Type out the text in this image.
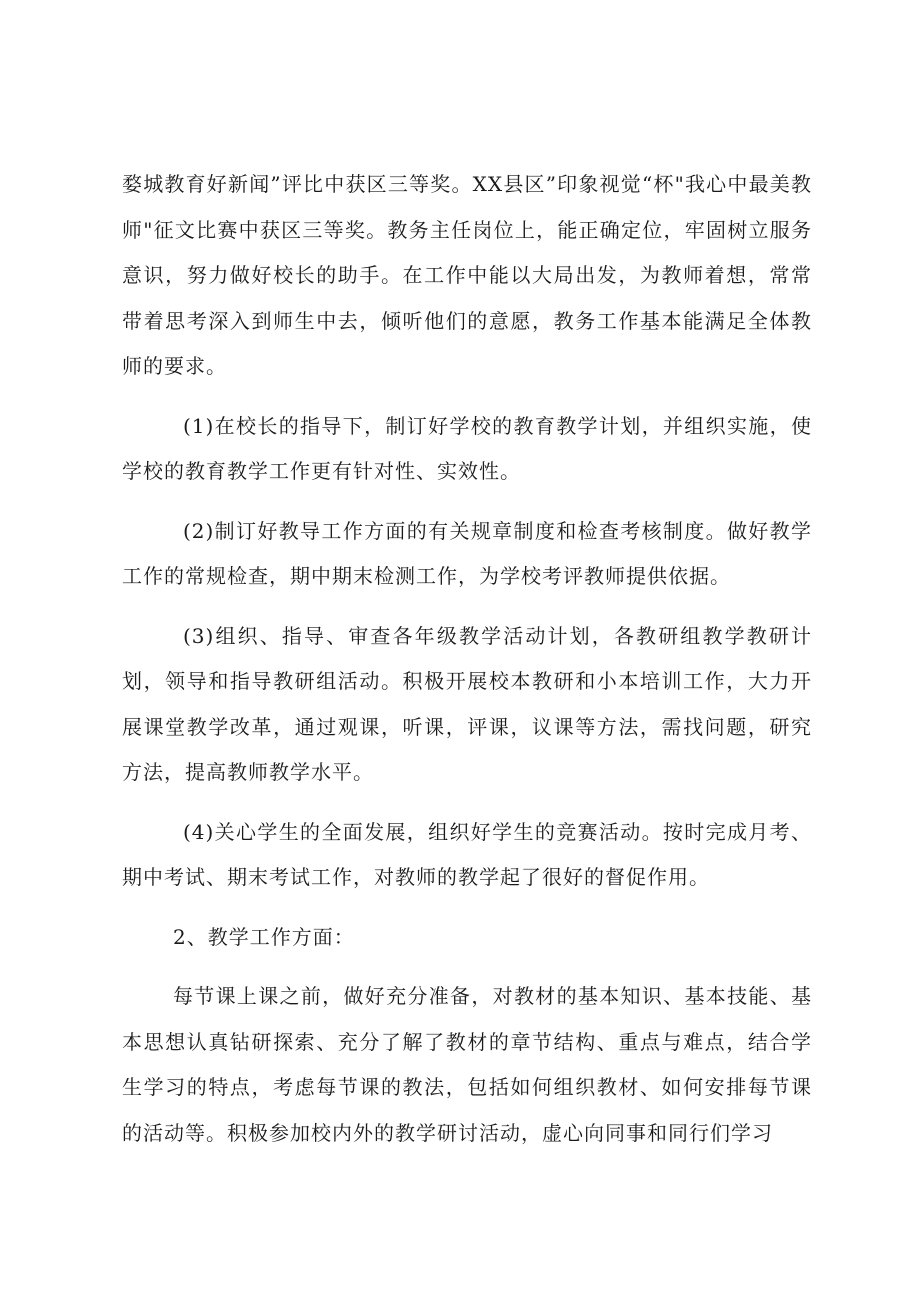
婺城教育好新闻”评比中获区三等奖。XX县区”印象视觉“杯"我心中最美教师"征文比赛中获区三等奖。教务主任岗位上，能正确定位，牢固树立服务意识，努力做好校长的助手。在工作中能以大局出发，为教师着想，常常带着思考深入到师生中去，倾听他们的意愿，教务工作基本能满足全体教师的要求。

(1)在校长的指导下，制订好学校的教育教学计划，并组织实施，使学校的教育教学工作更有针对性、实效性。

(2)制订好教导工作方面的有关规章制度和检查考核制度。做好教学工作的常规检查，期中期末检测工作，为学校考评教师提供依据。

(3)组织、指导、审查各年级教学活动计划，各教研组教学教研计划，领导和指导教研组活动。积极开展校本教研和小本培训工作，大力开展课堂教学改革，通过观课，听课，评课，议课等方法，需找问题，研究方法，提高教师教学水平。

(4)关心学生的全面发展，组织好学生的竞赛活动。按时完成月考、期中考试、期末考试工作，对教师的教学起了很好的督促作用。

2、教学工作方面：

每节课上课之前，做好充分准备，对教材的基本知识、基本技能、基本思想认真钻研探索、充分了解了教材的章节结构、重点与难点，结合学生学习的特点，考虑每节课的教法，包括如何组织教材、如何安排每节课的活动等。积极参加校内外的教学研讨活动，虚心向同事和同行们学习
